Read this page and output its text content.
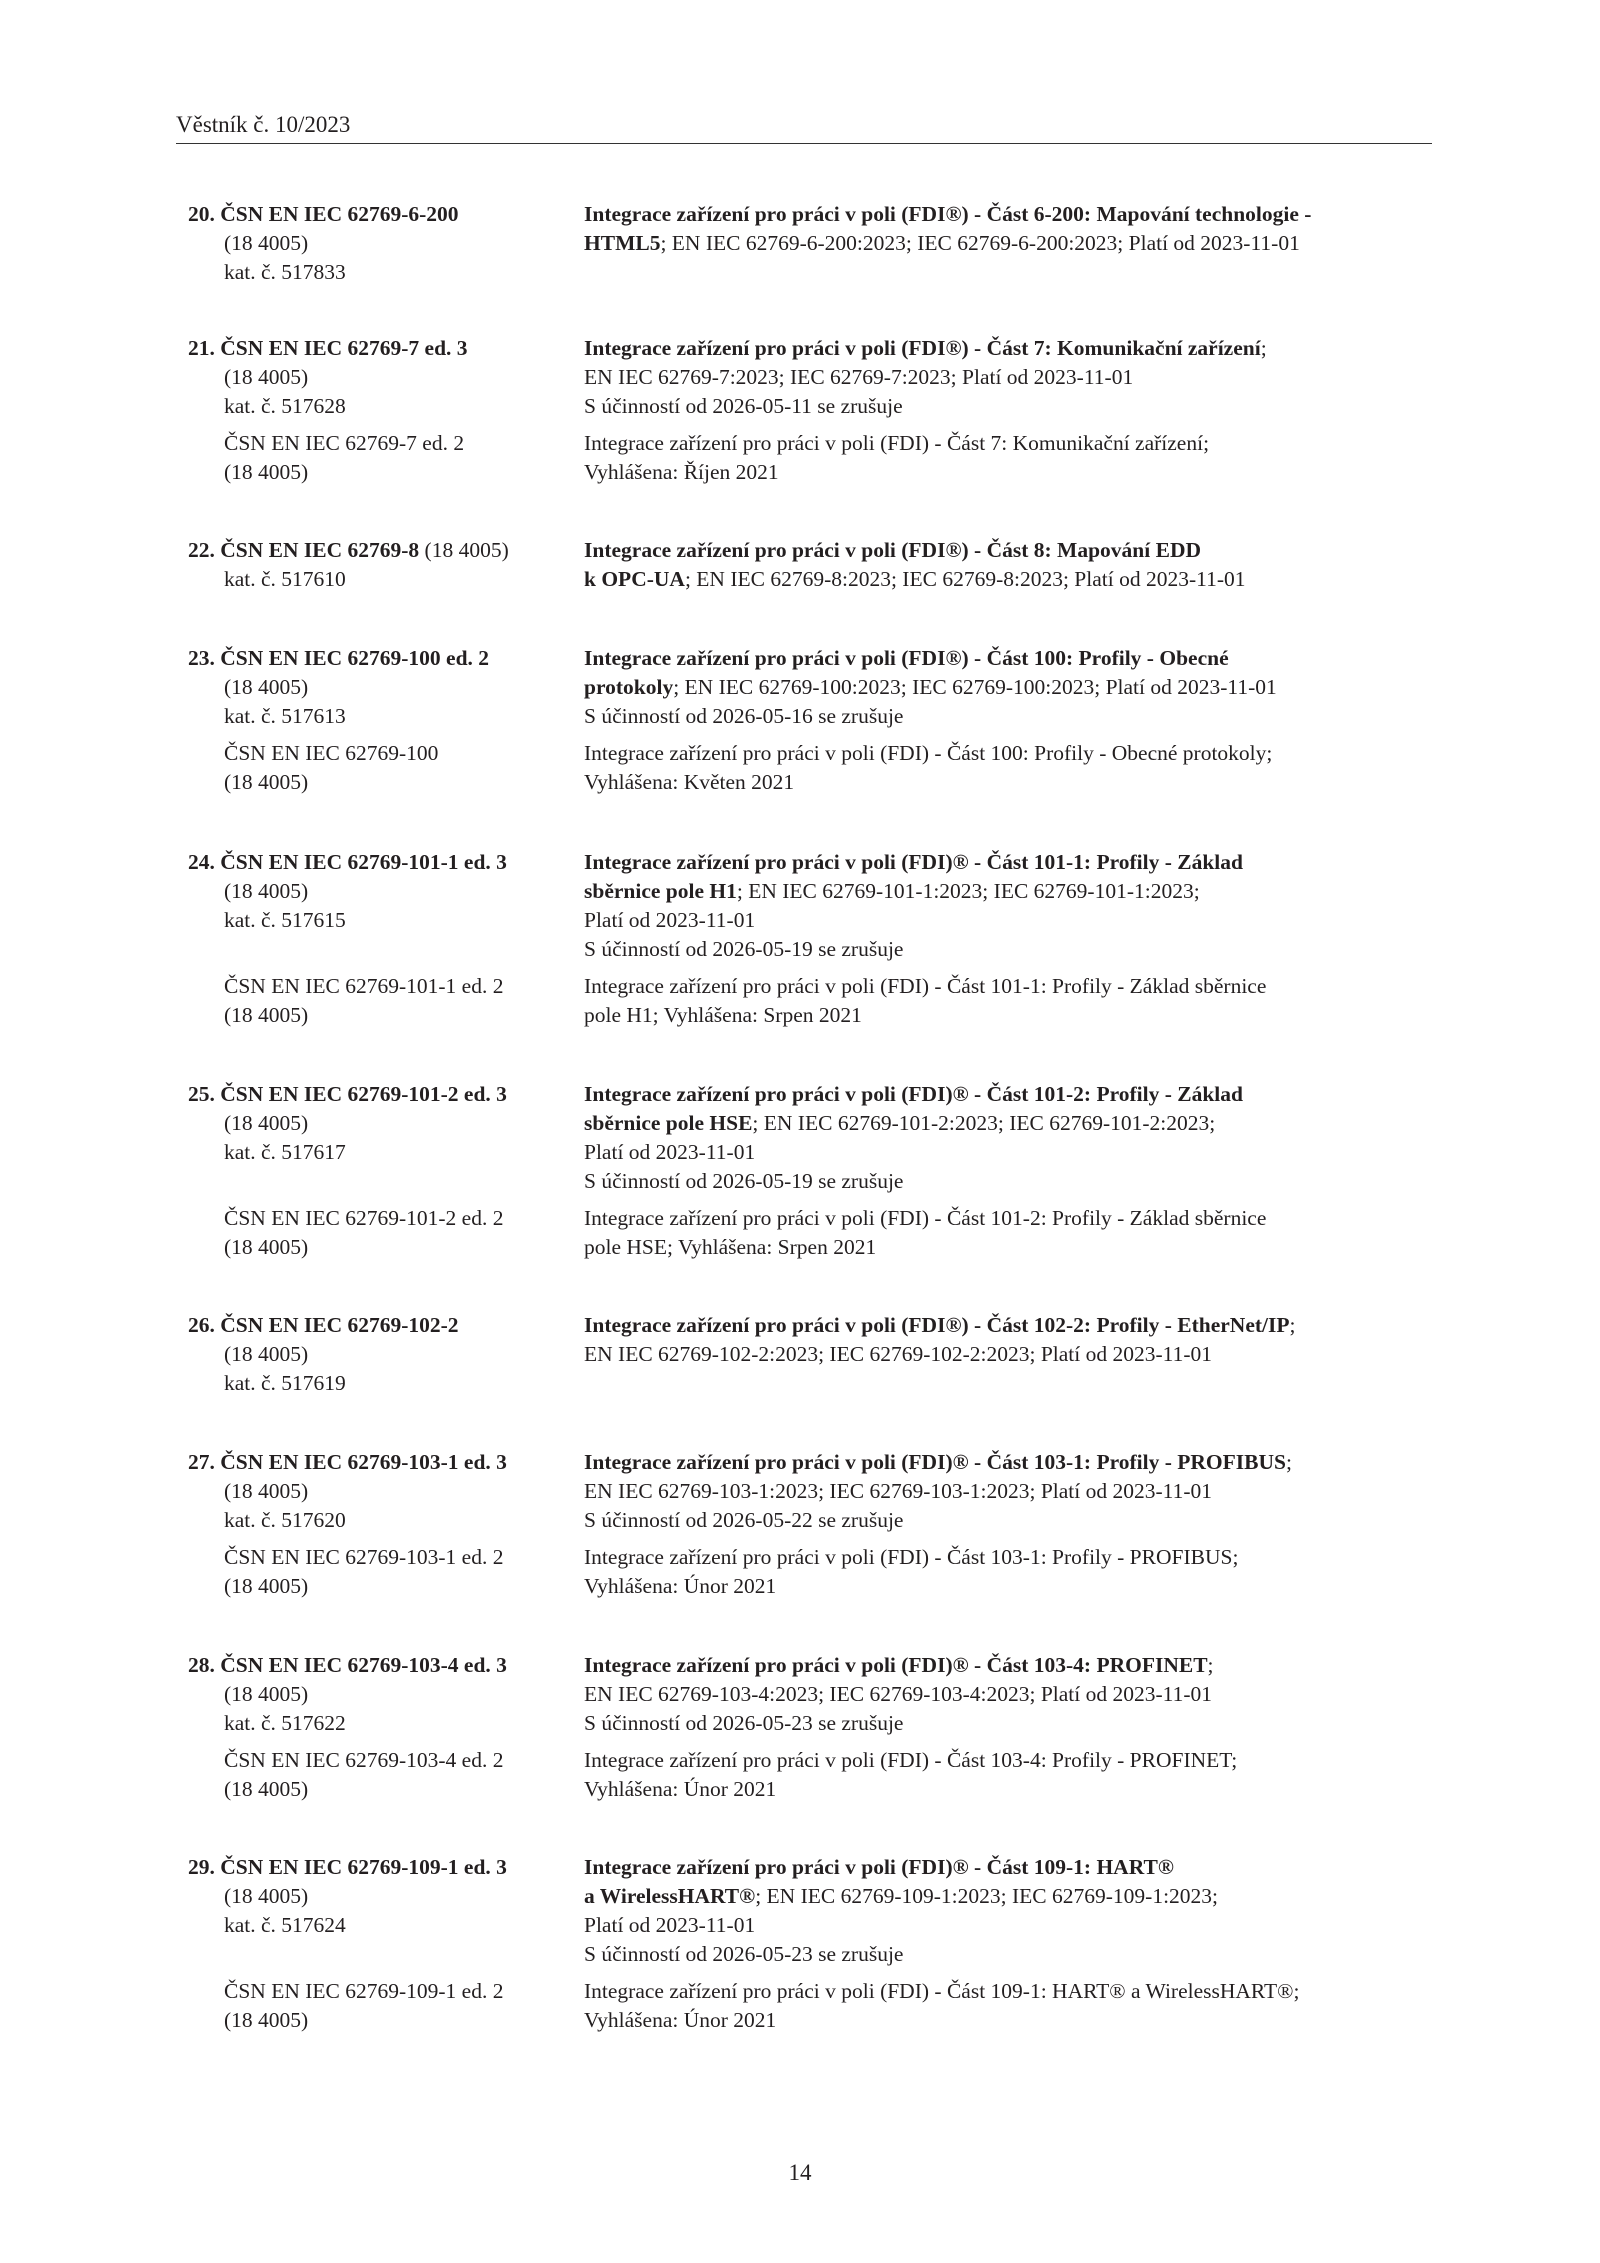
Věstník č. 10/2023
20. ČSN EN IEC 62769-6-200
(18 4005)
kat. č. 517833
Integrace zařízení pro práci v poli (FDI®) - Část 6-200: Mapování technologie -
HTML5; EN IEC 62769-6-200:2023; IEC 62769-6-200:2023; Platí od 2023-11-01
21. ČSN EN IEC 62769-7 ed. 3
(18 4005)
kat. č. 517628
Integrace zařízení pro práci v poli (FDI®) - Část 7: Komunikační zařízení;
EN IEC 62769-7:2023; IEC 62769-7:2023; Platí od 2023-11-01
S účinností od 2026-05-11 se zrušuje
ČSN EN IEC 62769-7 ed. 2
(18 4005)
Integrace zařízení pro práci v poli (FDI) - Část 7: Komunikační zařízení;
Vyhlášena: Říjen 2021
22. ČSN EN IEC 62769-8 (18 4005)
kat. č. 517610
Integrace zařízení pro práci v poli (FDI®) - Část 8: Mapování EDD
k OPC-UA; EN IEC 62769-8:2023; IEC 62769-8:2023; Platí od 2023-11-01
23. ČSN EN IEC 62769-100 ed. 2
(18 4005)
kat. č. 517613
Integrace zařízení pro práci v poli (FDI®) - Část 100: Profily - Obecné
protokoly; EN IEC 62769-100:2023; IEC 62769-100:2023; Platí od 2023-11-01
S účinností od 2026-05-16 se zrušuje
ČSN EN IEC 62769-100
(18 4005)
Integrace zařízení pro práci v poli (FDI) - Část 100: Profily - Obecné protokoly;
Vyhlášena: Květen 2021
24. ČSN EN IEC 62769-101-1 ed. 3
(18 4005)
kat. č. 517615
Integrace zařízení pro práci v poli (FDI)® - Část 101-1: Profily - Základ
sběrnice pole H1; EN IEC 62769-101-1:2023; IEC 62769-101-1:2023;
Platí od 2023-11-01
S účinností od 2026-05-19 se zrušuje
ČSN EN IEC 62769-101-1 ed. 2
(18 4005)
Integrace zařízení pro práci v poli (FDI) - Část 101-1: Profily - Základ sběrnice
pole H1; Vyhlášena: Srpen 2021
25. ČSN EN IEC 62769-101-2 ed. 3
(18 4005)
kat. č. 517617
Integrace zařízení pro práci v poli (FDI)® - Část 101-2: Profily - Základ
sběrnice pole HSE; EN IEC 62769-101-2:2023; IEC 62769-101-2:2023;
Platí od 2023-11-01
S účinností od 2026-05-19 se zrušuje
ČSN EN IEC 62769-101-2 ed. 2
(18 4005)
Integrace zařízení pro práci v poli (FDI) - Část 101-2: Profily - Základ sběrnice
pole HSE; Vyhlášena: Srpen 2021
26. ČSN EN IEC 62769-102-2
(18 4005)
kat. č. 517619
Integrace zařízení pro práci v poli (FDI®) - Část 102-2: Profily - EtherNet/IP;
EN IEC 62769-102-2:2023; IEC 62769-102-2:2023; Platí od 2023-11-01
27. ČSN EN IEC 62769-103-1 ed. 3
(18 4005)
kat. č. 517620
Integrace zařízení pro práci v poli (FDI)® - Část 103-1: Profily - PROFIBUS;
EN IEC 62769-103-1:2023; IEC 62769-103-1:2023; Platí od 2023-11-01
S účinností od 2026-05-22 se zrušuje
ČSN EN IEC 62769-103-1 ed. 2
(18 4005)
Integrace zařízení pro práci v poli (FDI) - Část 103-1: Profily - PROFIBUS;
Vyhlášena: Únor 2021
28. ČSN EN IEC 62769-103-4 ed. 3
(18 4005)
kat. č. 517622
Integrace zařízení pro práci v poli (FDI)® - Část 103-4: PROFINET;
EN IEC 62769-103-4:2023; IEC 62769-103-4:2023; Platí od 2023-11-01
S účinností od 2026-05-23 se zrušuje
ČSN EN IEC 62769-103-4 ed. 2
(18 4005)
Integrace zařízení pro práci v poli (FDI) - Část 103-4: Profily - PROFINET;
Vyhlášena: Únor 2021
29. ČSN EN IEC 62769-109-1 ed. 3
(18 4005)
kat. č. 517624
Integrace zařízení pro práci v poli (FDI)® - Část 109-1: HART®
a WirelessHART®; EN IEC 62769-109-1:2023; IEC 62769-109-1:2023;
Platí od 2023-11-01
S účinností od 2026-05-23 se zrušuje
ČSN EN IEC 62769-109-1 ed. 2
(18 4005)
Integrace zařízení pro práci v poli (FDI) - Část 109-1: HART® a WirelessHART®;
Vyhlášena: Únor 2021
14
